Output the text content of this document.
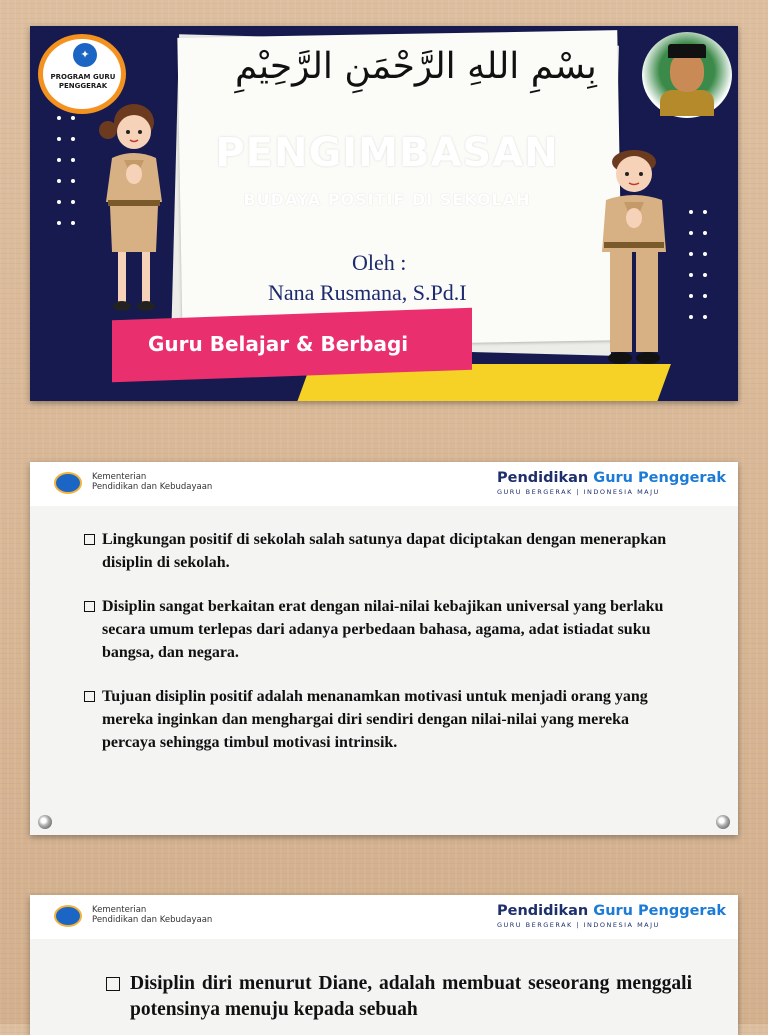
✦
PROGRAM GURU PENGGERAK	بِسْمِ اللهِ الرَّحْمَنِ الرَّحِيْمِ
PENGIMBASAN
BUDAYA POSITIF DI SEKOLAH
Oleh :
Nana Rusmana, S.Pd.I
Guru Belajar & Berbagi
Kementerian
Pendidikan dan Kebudayaan
Pendidikan Guru Penggerak
GURU BERGERAK | INDONESIA MAJU
Lingkungan positif di sekolah salah satunya dapat diciptakan dengan menerapkan disiplin di sekolah.
Disiplin sangat berkaitan erat dengan nilai-nilai kebajikan universal yang berlaku secara umum terlepas dari adanya perbedaan bahasa, agama, adat istiadat suku bangsa, dan negara.
Tujuan disiplin positif adalah menanamkan motivasi untuk menjadi orang yang mereka inginkan dan menghargai diri sendiri dengan nilai-nilai yang mereka percaya sehingga timbul motivasi intrinsik.
Kementerian
Pendidikan dan Kebudayaan
Pendidikan Guru Penggerak
GURU BERGERAK | INDONESIA MAJU
Disiplin diri menurut Diane, adalah membuat seseorang menggali potensinya menuju kepada sebuah
